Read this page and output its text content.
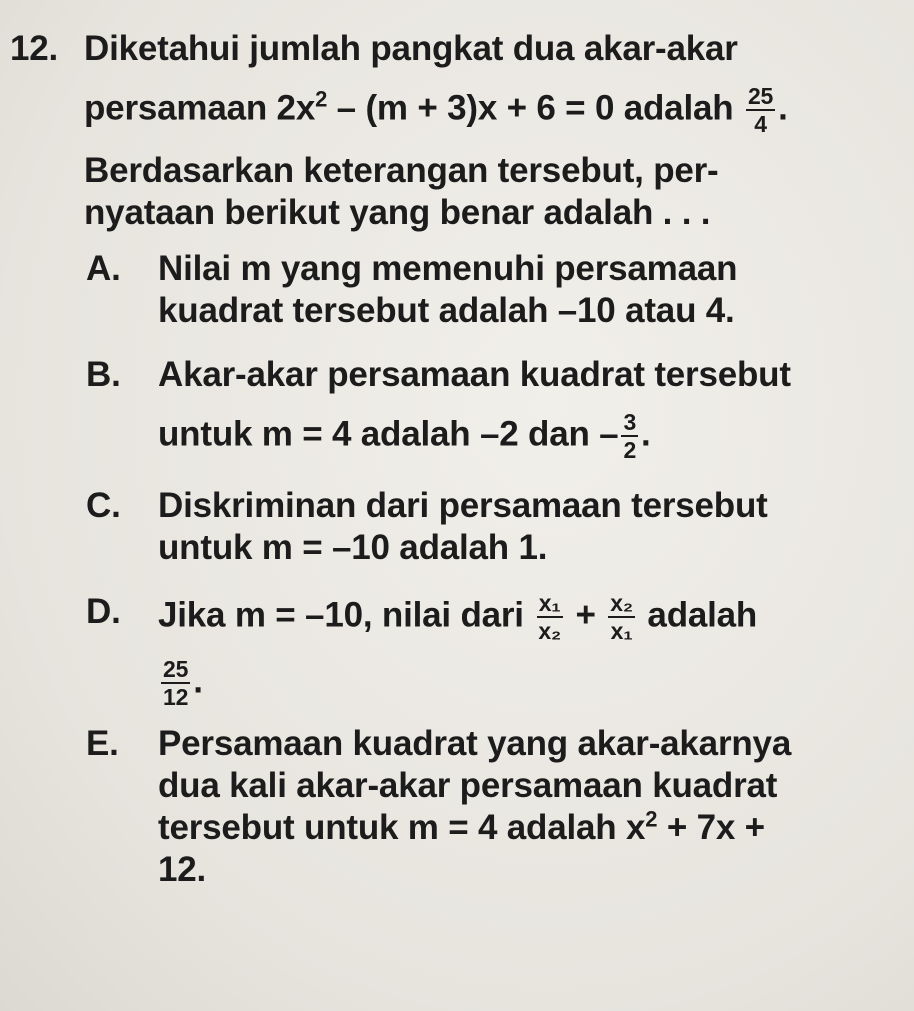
12. Diketahui jumlah pangkat dua akar-akar
persamaan $2x^2 - (m + 3)x + 6 = 0$ adalah $\frac{25}{4}$ .
Berdasarkan keterangan tersebut, per-
nyataan berikut yang benar adalah . . .
A.	Nilai m yang memenuhi persamaan
kuadrat tersebut adalah –10 atau 4.
B.	Akar-akar persamaan kuadrat tersebut
untuk m = 4 adalah –2 dan – $\frac{3}{2}$ .
C.	Diskriminan dari persamaan tersebut
untuk m = –10 adalah 1.
D.	Jika m = –10, nilai dari $\frac{\text{x₁}}{\text{x₂}} + \frac{\text{x₂}}{\text{x₁}}$ adalah
$\frac{25}{12}$ .
E.	Persamaan kuadrat yang akar-akarnya
dua kali akar-akar persamaan kuadrat
tersebut untuk m = 4 adalah $x^2 + 7x$ +
12.
